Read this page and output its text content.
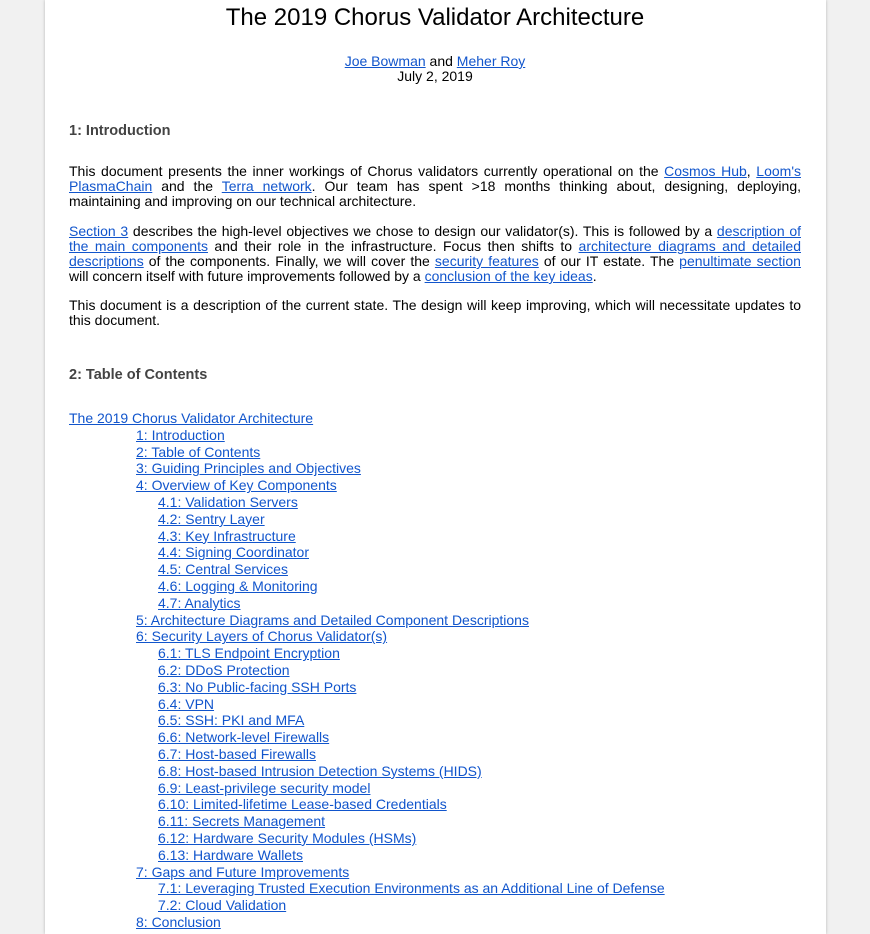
The 2019 Chorus Validator Architecture
Joe Bowman and Meher Roy
July 2, 2019
1: Introduction

This document presents the inner workings of Chorus validators currently operational on the Cosmos Hub, Loom's PlasmaChain and the Terra network. Our team has spent >18 months thinking about, designing, deploying, maintaining and improving on our technical architecture.

Section 3 describes the high-level objectives we chose to design our validator(s). This is followed by a description of the main components and their role in the infrastructure. Focus then shifts to architecture diagrams and detailed descriptions of the components. Finally, we will cover the security features of our IT estate. The penultimate section will concern itself with future improvements followed by a conclusion of the key ideas.

This document is a description of the current state. The design will keep improving, which will necessitate updates to this document.

2: Table of Contents
The 2019 Chorus Validator Architecture
1: Introduction
2: Table of Contents
3: Guiding Principles and Objectives
4: Overview of Key Components
4.1: Validation Servers
4.2: Sentry Layer
4.3: Key Infrastructure
4.4: Signing Coordinator
4.5: Central Services
4.6: Logging & Monitoring
4.7: Analytics
5: Architecture Diagrams and Detailed Component Descriptions
6: Security Layers of Chorus Validator(s)
6.1: TLS Endpoint Encryption
6.2: DDoS Protection
6.3: No Public-facing SSH Ports
6.4: VPN
6.5: SSH: PKI and MFA
6.6: Network-level Firewalls
6.7: Host-based Firewalls
6.8: Host-based Intrusion Detection Systems (HIDS)
6.9: Least-privilege security model
6.10: Limited-lifetime Lease-based Credentials
6.11: Secrets Management
6.12: Hardware Security Modules (HSMs)
6.13: Hardware Wallets
7: Gaps and Future Improvements
7.1: Leveraging Trusted Execution Environments as an Additional Line of Defense
7.2: Cloud Validation
8: Conclusion
